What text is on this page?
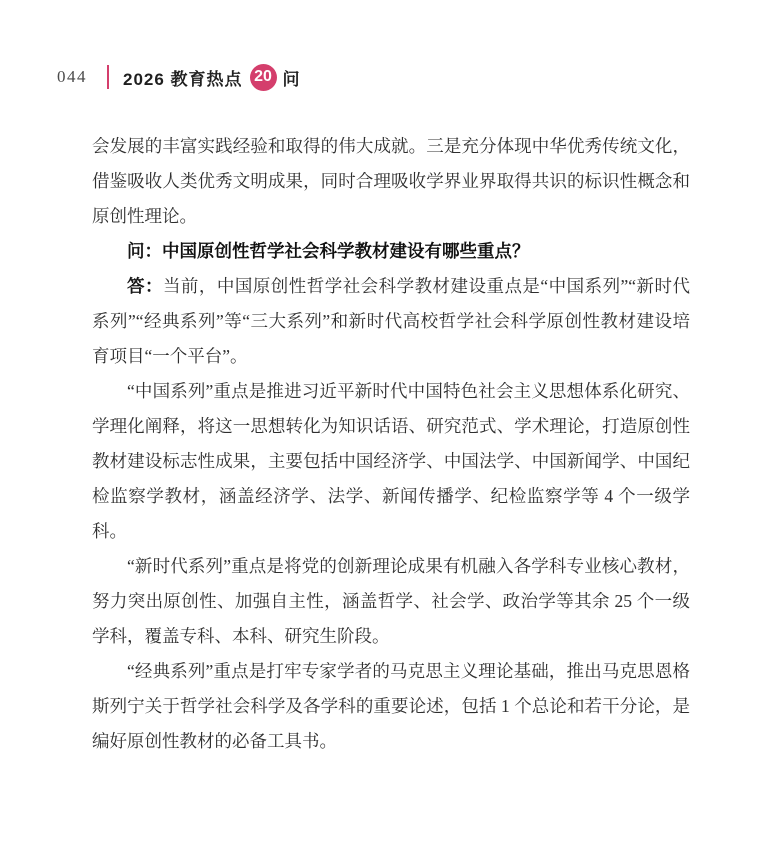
044 2026 教育热点 20 问

会发展的丰富实践经验和取得的伟大成就。三是充分体现中华优秀传统文化，借鉴吸收人类优秀文明成果，同时合理吸收学界业界取得共识的标识性概念和原创性理论。

问：中国原创性哲学社会科学教材建设有哪些重点？

答：当前，中国原创性哲学社会科学教材建设重点是“中国系列”“新时代系列”“经典系列”等“三大系列”和新时代高校哲学社会科学原创性教材建设培育项目“一个平台”。

“中国系列”重点是推进习近平新时代中国特色社会主义思想体系化研究、学理化阐释，将这一思想转化为知识话语、研究范式、学术理论，打造原创性教材建设标志性成果，主要包括中国经济学、中国法学、中国新闻学、中国纪检监察学教材，涵盖经济学、法学、新闻传播学、纪检监察学等 4 个一级学科。

“新时代系列”重点是将党的创新理论成果有机融入各学科专业核心教材，努力突出原创性、加强自主性，涵盖哲学、社会学、政治学等其余 25 个一级学科，覆盖专科、本科、研究生阶段。

“经典系列”重点是打牢专家学者的马克思主义理论基础，推出马克思恩格斯列宁关于哲学社会科学及各学科的重要论述，包括 1 个总论和若干分论，是编好原创性教材的必备工具书。
